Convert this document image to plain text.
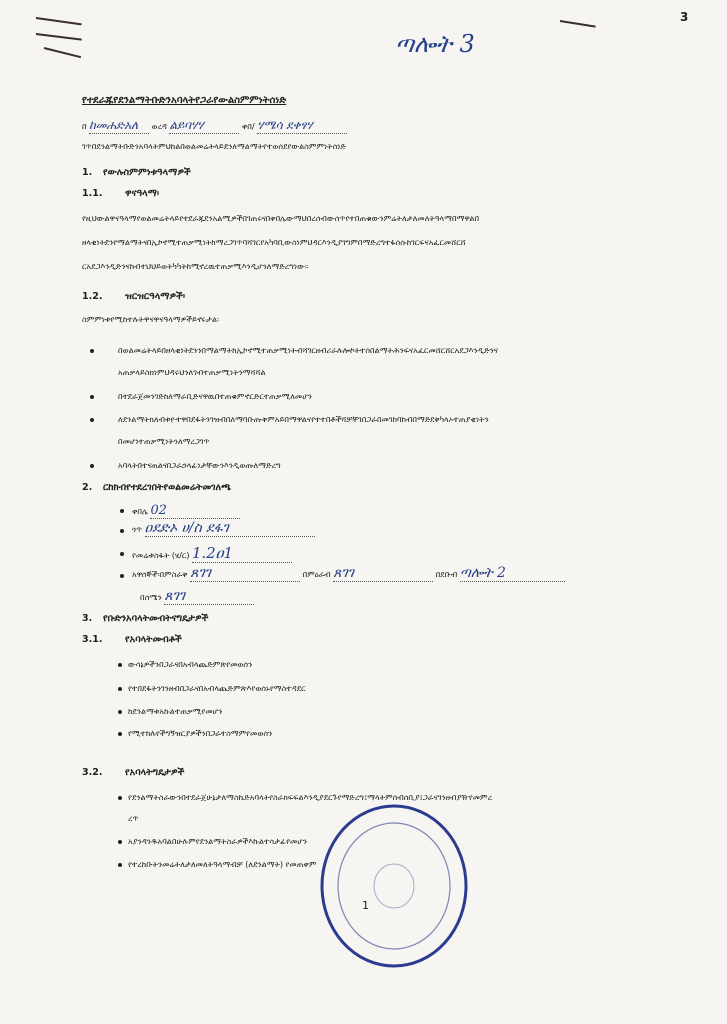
3
ጣሎት 3
የተደራጁየደንልማትቡድንአባላትየጋራየውልስምምነትሰነድ
በ ከመሐድአለ ወረዳ ልይባሃሃ	ቀበ/ ሃሜሳ ደቀፃሃ
ገጥበደንልማትቡድንአባላትምህከልበወልመሬትላይደንለማልማትየተወሰደየውልስምምነትሰነድ
1. የውሉስምምነቱዓላማዎች
1.1. ዋናዓላማ፡
የዚህውልዋናዓላማየወልመሬትላይየተደራጁደንአልሚዎችበገጠሩናበቀበሌውማህበረሰብውሰጥየተበጠቁውንምሬትለታለመለትዓላማበማዋልበ
ዘላቂነትደንየማልማትናበኢኮኖሚተጠቃሚነትከማረጋገጥባሻገርየአካባቢውስነምህዳርእንዲያገግምበማድረግተፋሰሱከገርፍናአፈርመሸርሸ
ርአደጋእንዲድንናከብተህህይወትካካትከሚኖረዉተጠቃሚእንዲሆንለማድረግነው።
1.2. ዝርዝርዓላማዎች፡
ስምምነቱየሚከተሉትዋናዋናዓላማዎችይኖሩታል፡
በወልመሬትላይበዘላቂነትደንንበማልማትከኢኮኖሚተጠቃሚነትብሻገርዘብሪራሉሎኮትተሰበልማትሕንፍናአፈርመሸርሸርአደጋእንዲድንና
አጠቃላይስክነምህዳሩህንለገብተጠቃሚነትንማሻሻል
በተደራጀመንገድከለማራቢድናዋዉበተጠቁምኖርድርተጠቃሚለመሆን
ለደንልማትክለብቱዮተዋበደፋትንገዝብበለማባቡጡቅምአይበማዋልናየተተበቶችሻቻቸገበጋራበመገከባከብበማድደቅካላኦተጠያቂነትን
በመሆነተጠቃሚነትንለማረጋገጥ
አባላትበተናጠልናበጋራኃላፊነታቸውንእንዲወጡለማድረግ
2. ርከክብየተደረገበትየወልመሬትመገለጫ
ቀበሌ 02
ጎጥ ዐደድኦ ሀ/ስ ደፋገ
የመሬቱስፋት (ሄ/ር) 1.2ዐ1
አዋሰኞች፡በምስራቅ ጸገገ	በምዕራብ ጸገገ	በደቡብ ጣሎት 2
በሰሜን ጸገገ
3. የቡድንአባላትመብትናግዴታዎች
3.1. የአባላትመብቶች
ውሳኔዎችንበጋራናበአብላጨድምጽየመወሰን
የተበደፋትንገንዘብበጋራናበአብላጨድምጽእየወሰኑየማስተዳደር
ከደንልማቱአኩልተጠቃሚየመሆን
የሚተከሉየችግኝዝርያዎችንበጋራተስማምየመወሰን
3.2. የአባላትግዴታዎች
የደንልማትስራውንበተደራጀሁኔታለማስኬድአባላትየስራክፍፍልእንዲያደርጉየማድረግ፤ማላትምሰብሰቢያ፤ጋራናገንዘብያዥየመምረ
ረጥ
አያንዳንዱአባልበሁሉምየደንልማትስራዎችእኩልተሳታፊየመሆን
የተረከቡትንመሬትለታለመለትዓላማብቻ (ለደንልማት) የመጠቀም
1
